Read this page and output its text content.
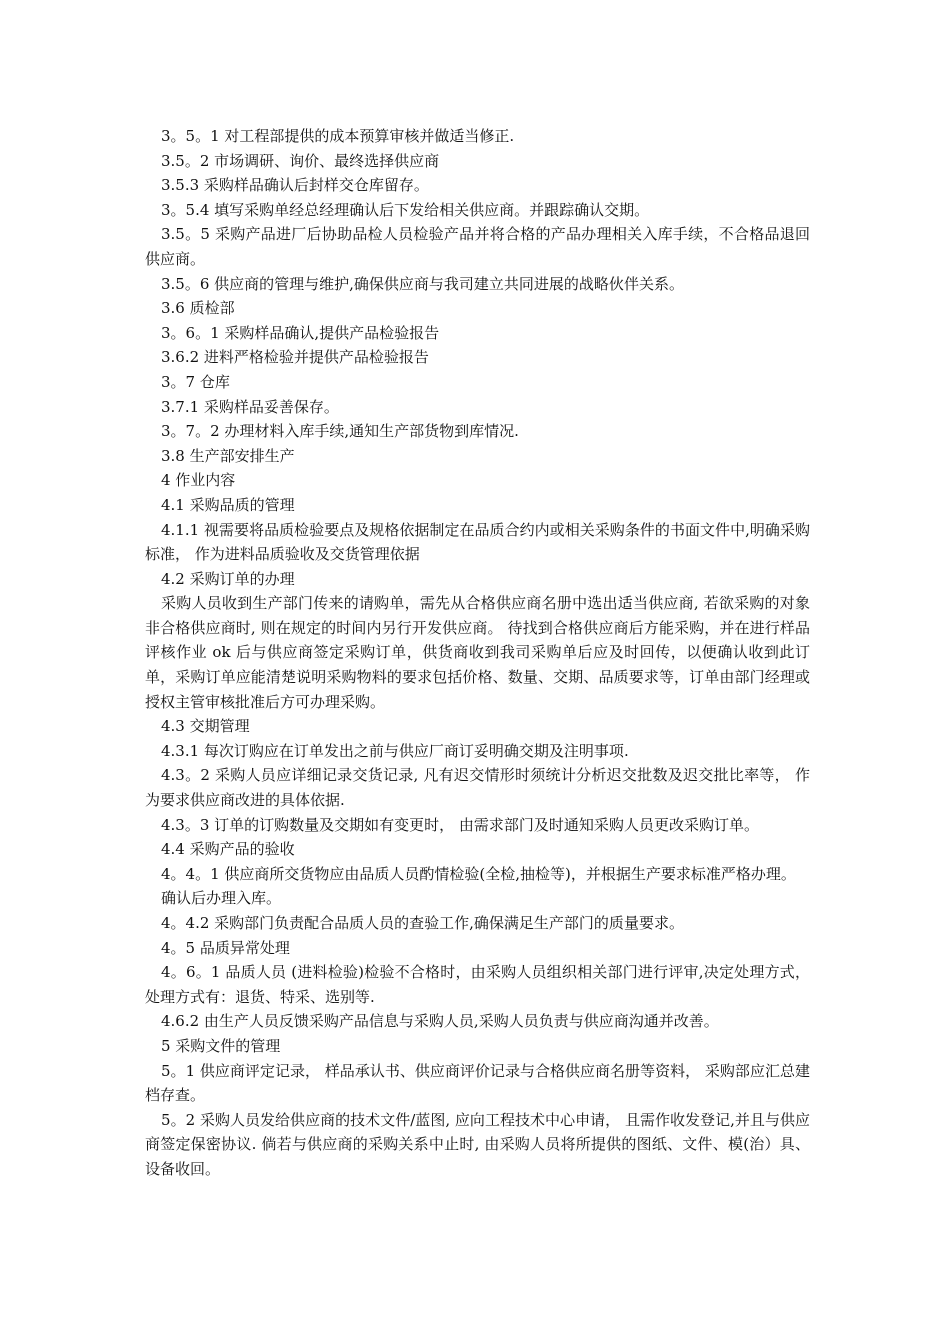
3。5。1 对工程部提供的成本预算审核并做适当修正.

3.5。2 市场调研、询价、最终选择供应商

3.5.3 采购样品确认后封样交仓库留存。

3。5.4 填写采购单经总经理确认后下发给相关供应商。并跟踪确认交期。

3.5。5 采购产品进厂后协助品检人员检验产品并将合格的产品办理相关入库手续，不合格品退回供应商。

3.5。6 供应商的管理与维护,确保供应商与我司建立共同进展的战略伙伴关系。

3.6 质检部

3。6。1 采购样品确认,提供产品检验报告

3.6.2 进料严格检验并提供产品检验报告

3。7 仓库

3.7.1 采购样品妥善保存。

3。7。2 办理材料入库手续,通知生产部货物到库情况.

3.8 生产部安排生产

4 作业内容

4.1 采购品质的管理

4.1.1 视需要将品质检验要点及规格依据制定在品质合约内或相关采购条件的书面文件中,明确采购标准， 作为进料品质验收及交货管理依据

4.2 采购订单的办理

采购人员收到生产部门传来的请购单，需先从合格供应商名册中选出适当供应商, 若欲采购的对象非合格供应商时, 则在规定的时间内另行开发供应商。 待找到合格供应商后方能采购，并在进行样品评核作业 ok 后与供应商签定采购订单，供货商收到我司采购单后应及时回传，以便确认收到此订单，采购订单应能清楚说明采购物料的要求包括价格、数量、交期、品质要求等，订单由部门经理或授权主管审核批准后方可办理采购。

4.3 交期管理

4.3.1 每次订购应在订单发出之前与供应厂商订妥明确交期及注明事项.

4.3。2 采购人员应详细记录交货记录, 凡有迟交情形时须统计分析迟交批数及迟交批比率等， 作为要求供应商改进的具体依据.

4.3。3 订单的订购数量及交期如有变更时， 由需求部门及时通知采购人员更改采购订单。

4.4 采购产品的验收

4。4。1 供应商所交货物应由品质人员酌情检验(全检,抽检等)，并根据生产要求标准严格办理。

确认后办理入库。

4。4.2 采购部门负责配合品质人员的查验工作,确保满足生产部门的质量要求。

4。5 品质异常处理

4。6。1 品质人员 (进料检验)检验不合格时，由采购人员组织相关部门进行评审,决定处理方式，处理方式有：退货、特采、选别等.

4.6.2 由生产人员反馈采购产品信息与采购人员,采购人员负责与供应商沟通并改善。

5 采购文件的管理

5。1 供应商评定记录， 样品承认书、供应商评价记录与合格供应商名册等资料， 采购部应汇总建档存查。

5。2 采购人员发给供应商的技术文件/蓝图, 应向工程技术中心申请， 且需作收发登记,并且与供应商签定保密协议. 倘若与供应商的采购关系中止时, 由采购人员将所提供的图纸、文件、模(治）具、设备收回。
